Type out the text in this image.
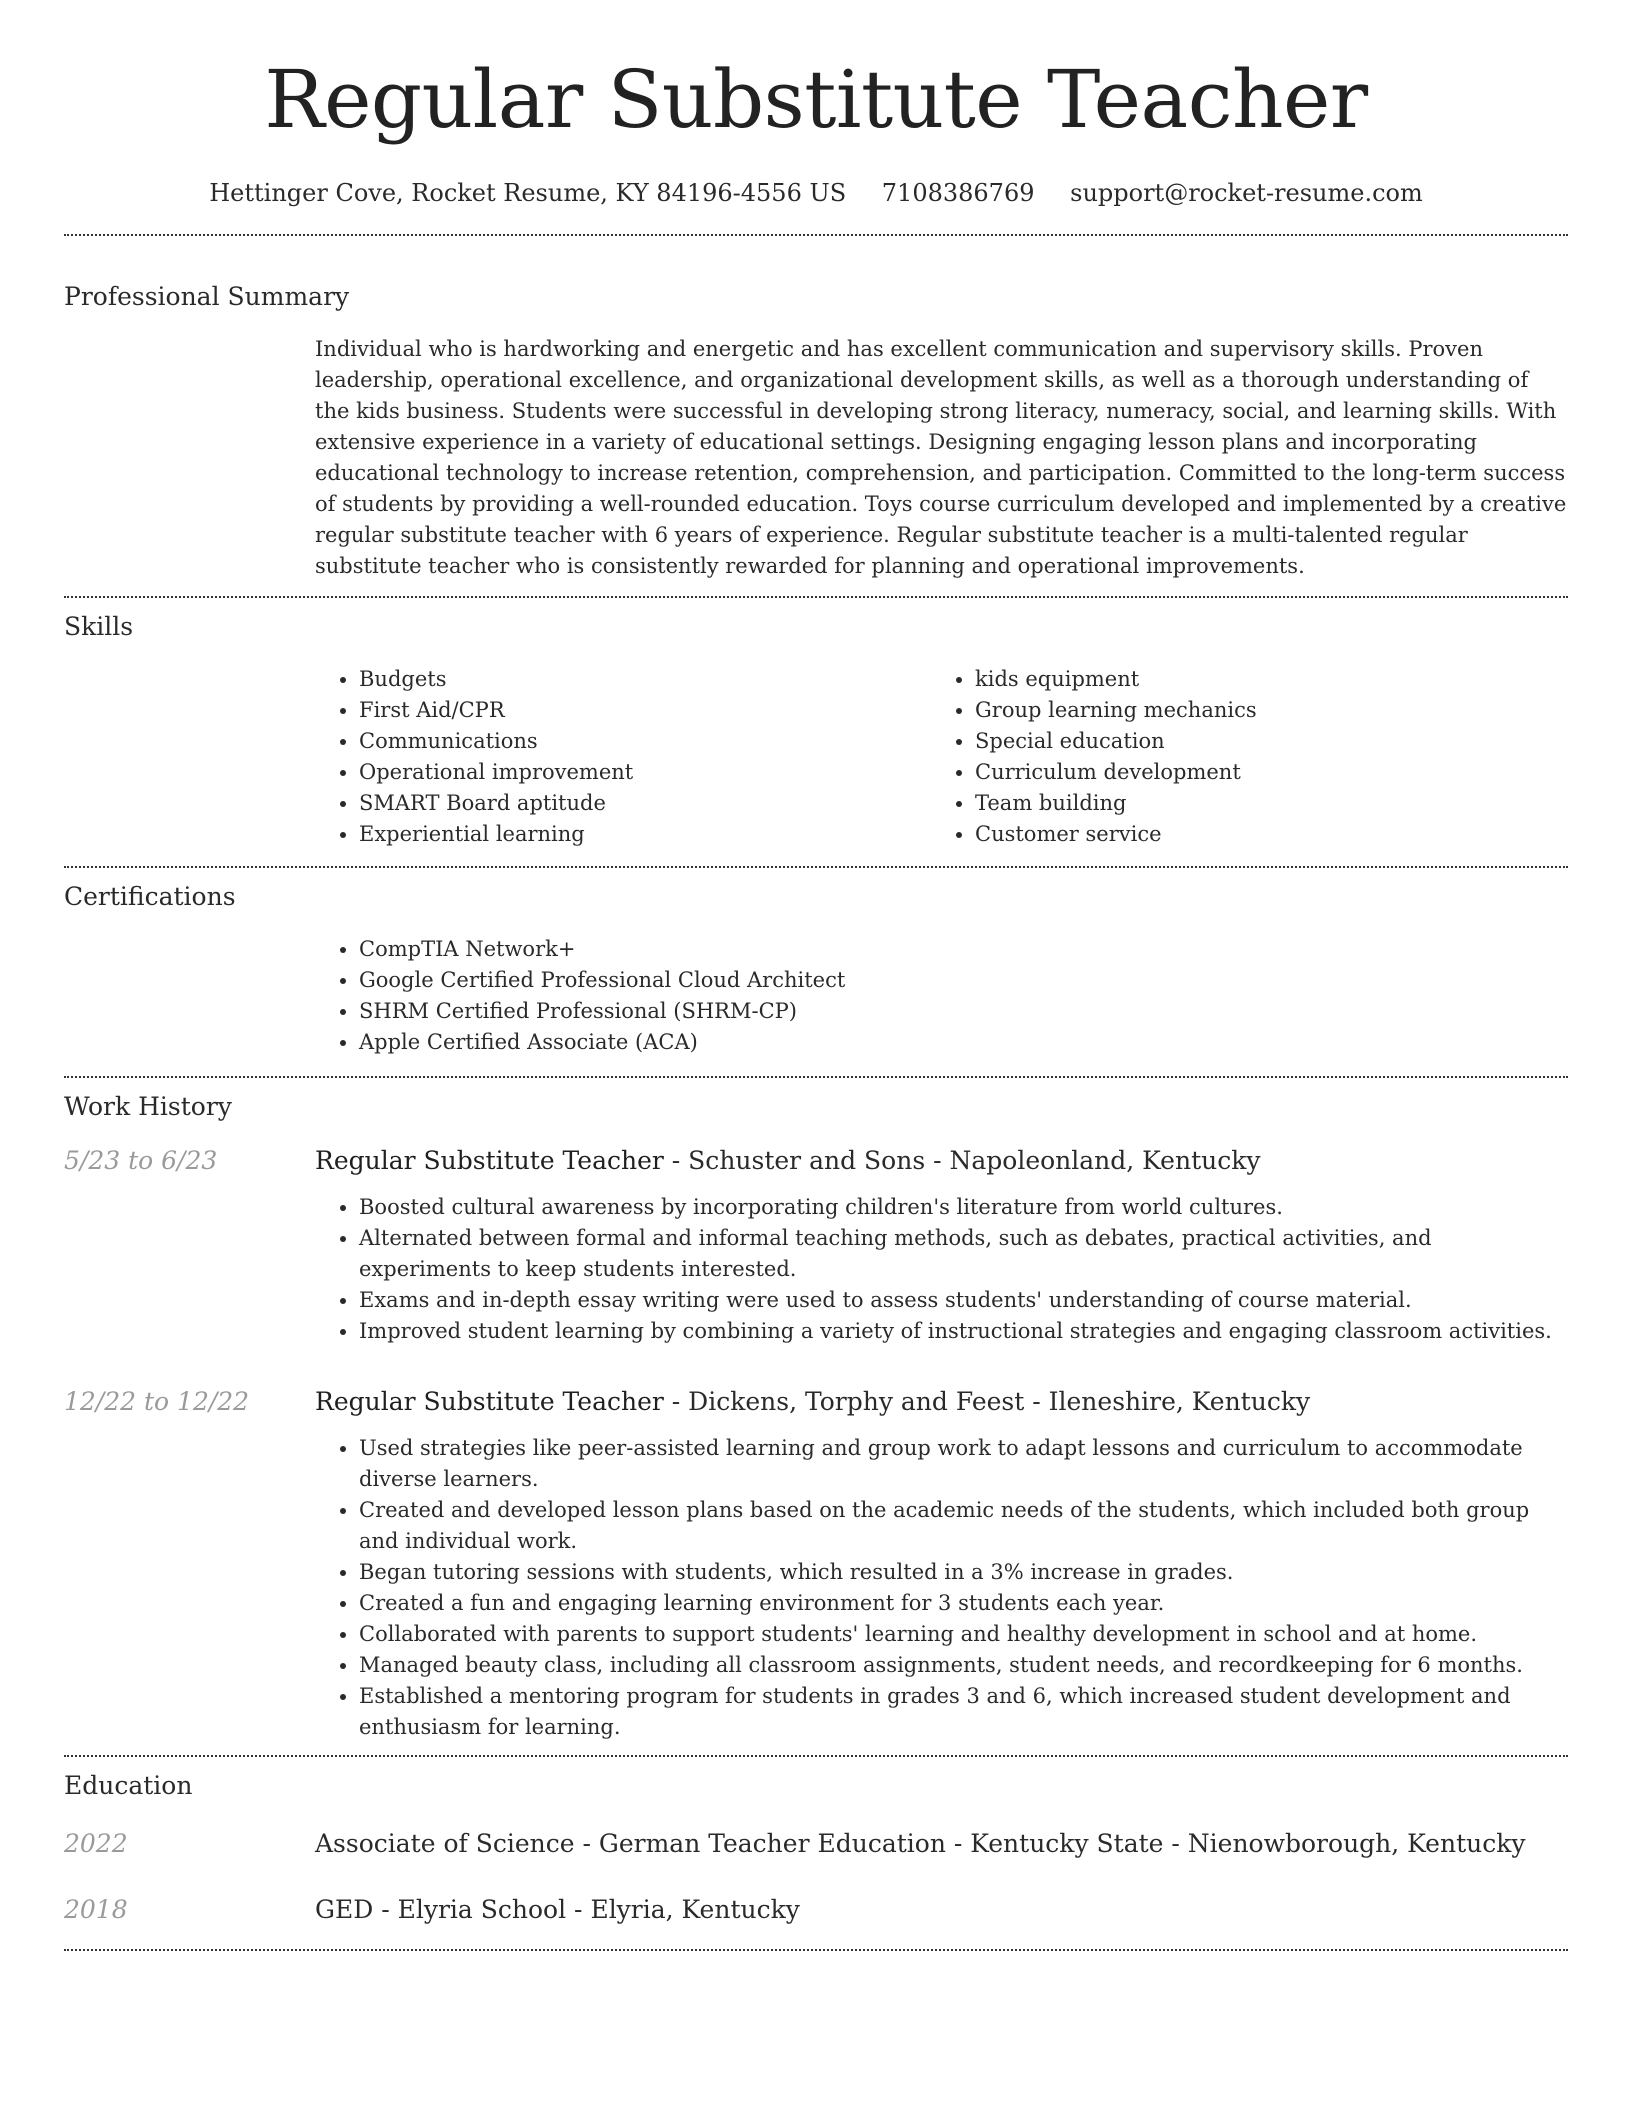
Regular Substitute Teacher
Hettinger Cove, Rocket Resume, KY 84196-4556 US 7108386769 support@rocket-resume.com
Professional Summary
Individual who is hardworking and energetic and has excellent communication and supervisory skills. Proven leadership, operational excellence, and organizational development skills, as well as a thorough understanding of the kids business. Students were successful in developing strong literacy, numeracy, social, and learning skills. With extensive experience in a variety of educational settings. Designing engaging lesson plans and incorporating educational technology to increase retention, comprehension, and participation. Committed to the long-term success of students by providing a well-rounded education. Toys course curriculum developed and implemented by a creative regular substitute teacher with 6 years of experience. Regular substitute teacher is a multi-talented regular substitute teacher who is consistently rewarded for planning and operational improvements.
Skills
• Budgets
• First Aid/CPR
• Communications
• Operational improvement
• SMART Board aptitude
• Experiential learning
• kids equipment
• Group learning mechanics
• Special education
• Curriculum development
• Team building
• Customer service
Certifications
• CompTIA Network+
• Google Certified Professional Cloud Architect
• SHRM Certified Professional (SHRM-CP)
• Apple Certified Associate (ACA)
Work History
5/23 to 6/23	Regular Substitute Teacher - Schuster and Sons - Napoleonland, Kentucky
• Boosted cultural awareness by incorporating children's literature from world cultures.
• Alternated between formal and informal teaching methods, such as debates, practical activities, and experiments to keep students interested.
• Exams and in-depth essay writing were used to assess students' understanding of course material.
• Improved student learning by combining a variety of instructional strategies and engaging classroom activities.
12/22 to 12/22	Regular Substitute Teacher - Dickens, Torphy and Feest - Ileneshire, Kentucky
• Used strategies like peer-assisted learning and group work to adapt lessons and curriculum to accommodate diverse learners.
• Created and developed lesson plans based on the academic needs of the students, which included both group and individual work.
• Began tutoring sessions with students, which resulted in a 3% increase in grades.
• Created a fun and engaging learning environment for 3 students each year.
• Collaborated with parents to support students' learning and healthy development in school and at home.
• Managed beauty class, including all classroom assignments, student needs, and recordkeeping for 6 months.
• Established a mentoring program for students in grades 3 and 6, which increased student development and enthusiasm for learning.
Education
2022	Associate of Science - German Teacher Education - Kentucky State - Nienowborough, Kentucky
2018	GED - Elyria School - Elyria, Kentucky
